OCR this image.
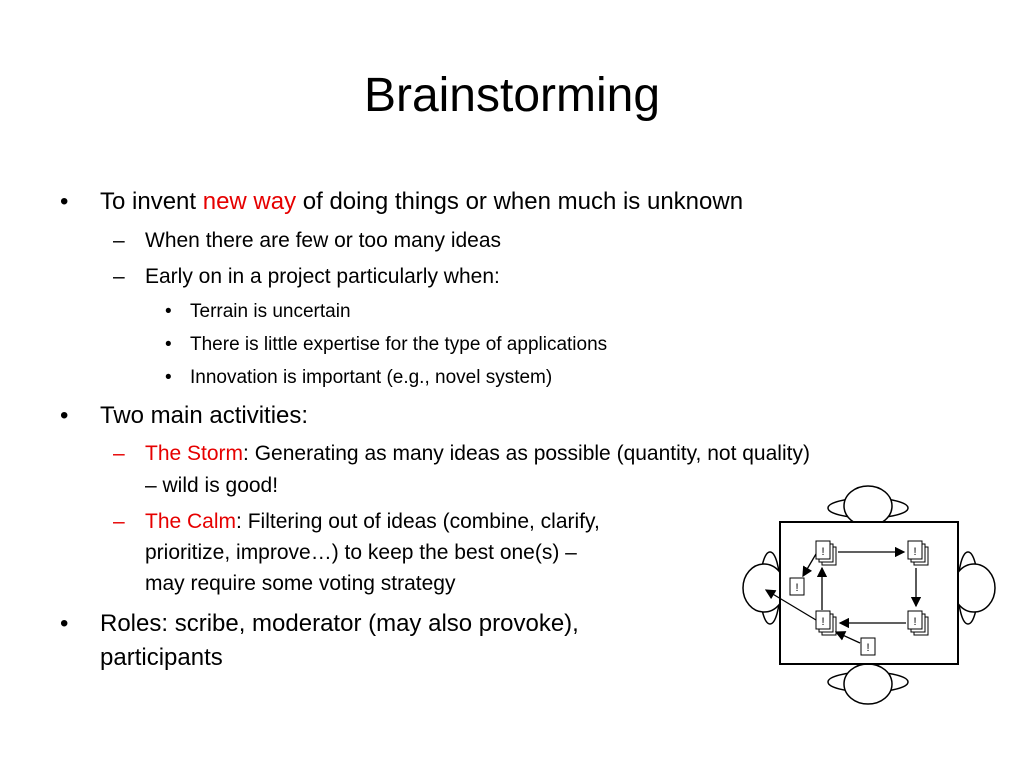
Brainstorming
• To invent new way of doing things or when much is unknown
– When there are few or too many ideas
– Early on in a project particularly when:
• Terrain is uncertain
• There is little expertise for the type of applications
• Innovation is important (e.g., novel system)
• Two main activities:
– The Storm: Generating as many ideas as possible (quantity, not quality)
– wild is good!
– The Calm: Filtering out of ideas (combine, clarify,
prioritize, improve…) to keep the best one(s) –
may require some voting strategy
• Roles: scribe, moderator (may also provoke),
participants
!	!
!	!
!
!
